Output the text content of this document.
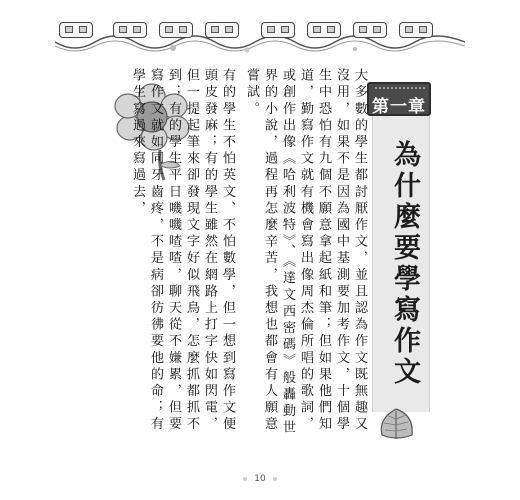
大多數的學生都討厭作文，並且認為作文既無趣又沒用，如果不是因為國中基測要加考作文，十個學生中恐怕有九個不願意拿起紙和筆；但如果他們知道，勤寫作文就有機會寫出像周杰倫所唱的歌詞，或創作出像《哈利波特》、《達文西密碼》般轟動世界的小說，過程再怎麼辛苦，我想也都會有人願意嘗試。

有的學生不怕英文、不怕數學，但一想到寫作文便頭皮發麻；有的學生雖然在網路上打字快如閃電，但一提起筆來卻發現文字好似飛鳥，怎麼抓都抓不到；有的學生平日嘰嘰喳喳，聊天從不嫌累，但要寫作文就如同牙齒疼，不是病卻彷彿要他的命；有學生寫過來寫過去，	第一章
為什麼要學寫作文
10
